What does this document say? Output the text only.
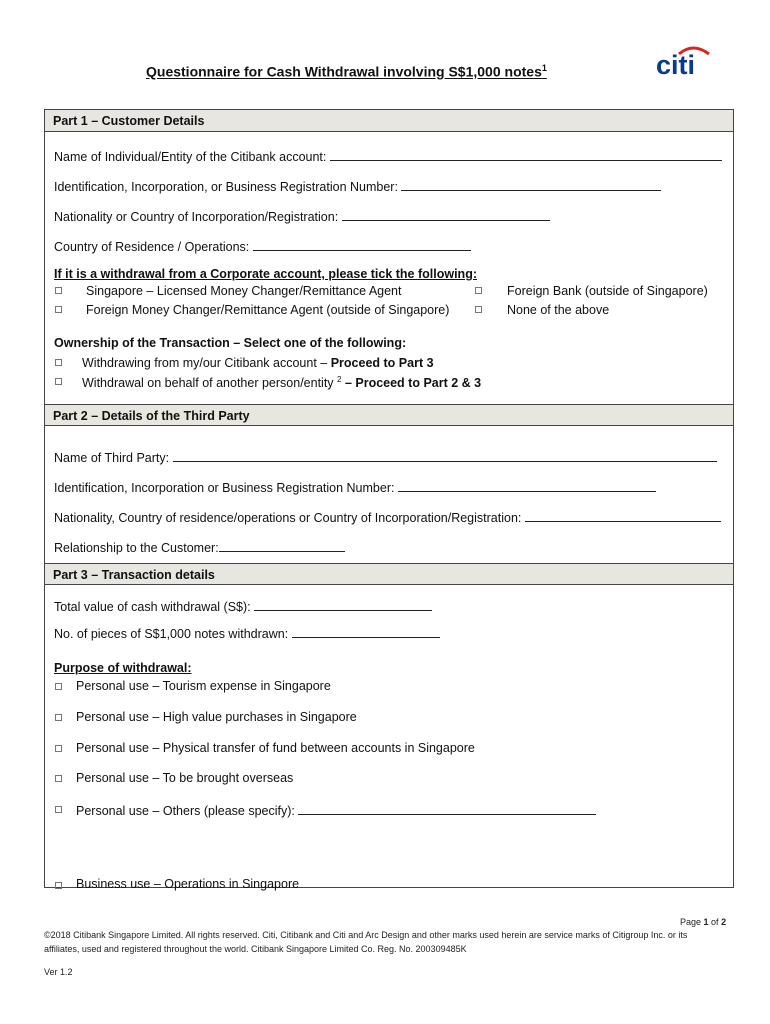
Questionnaire for Cash Withdrawal involving S$1,000 notes$^1$	citi
Part 1 – Customer Details
Name of Individual/Entity of the Citibank account:
Identification, Incorporation, or Business Registration Number:
Nationality or Country of Incorporation/Registration:
Country of Residence / Operations:
If it is a withdrawal from a Corporate account, please tick the following:
Singapore – Licensed Money Changer/Remittance Agent
Foreign Money Changer/Remittance Agent (outside of Singapore)
Foreign Bank (outside of Singapore)
None of the above
Ownership of the Transaction – Select one of the following:
Withdrawing from my/our Citibank account – Proceed to Part 3
Withdrawal on behalf of another person/entity $^2$ – Proceed to Part 2 & 3
Part 2 – Details of the Third Party
Name of Third Party:
Identification, Incorporation or Business Registration Number:
Nationality, Country of residence/operations or Country of Incorporation/Registration:
Relationship to the Customer:
Part 3 – Transaction details
Total value of cash withdrawal (S$):
No. of pieces of S$1,000 notes withdrawn:
Purpose of withdrawal:
Personal use – Tourism expense in Singapore
Personal use – High value purchases in Singapore
Personal use – Physical transfer of fund between accounts in Singapore
Personal use – To be brought overseas
Personal use – Others (please specify):
Business use – Operations in Singapore
Page 1 of 2
©2018 Citibank Singapore Limited. All rights reserved. Citi, Citibank and Citi and Arc Design and other marks used herein are service marks of Citigroup Inc. or its
affiliates, used and registered throughout the world. Citibank Singapore Limited Co. Reg. No. 200309485K
Ver 1.2
